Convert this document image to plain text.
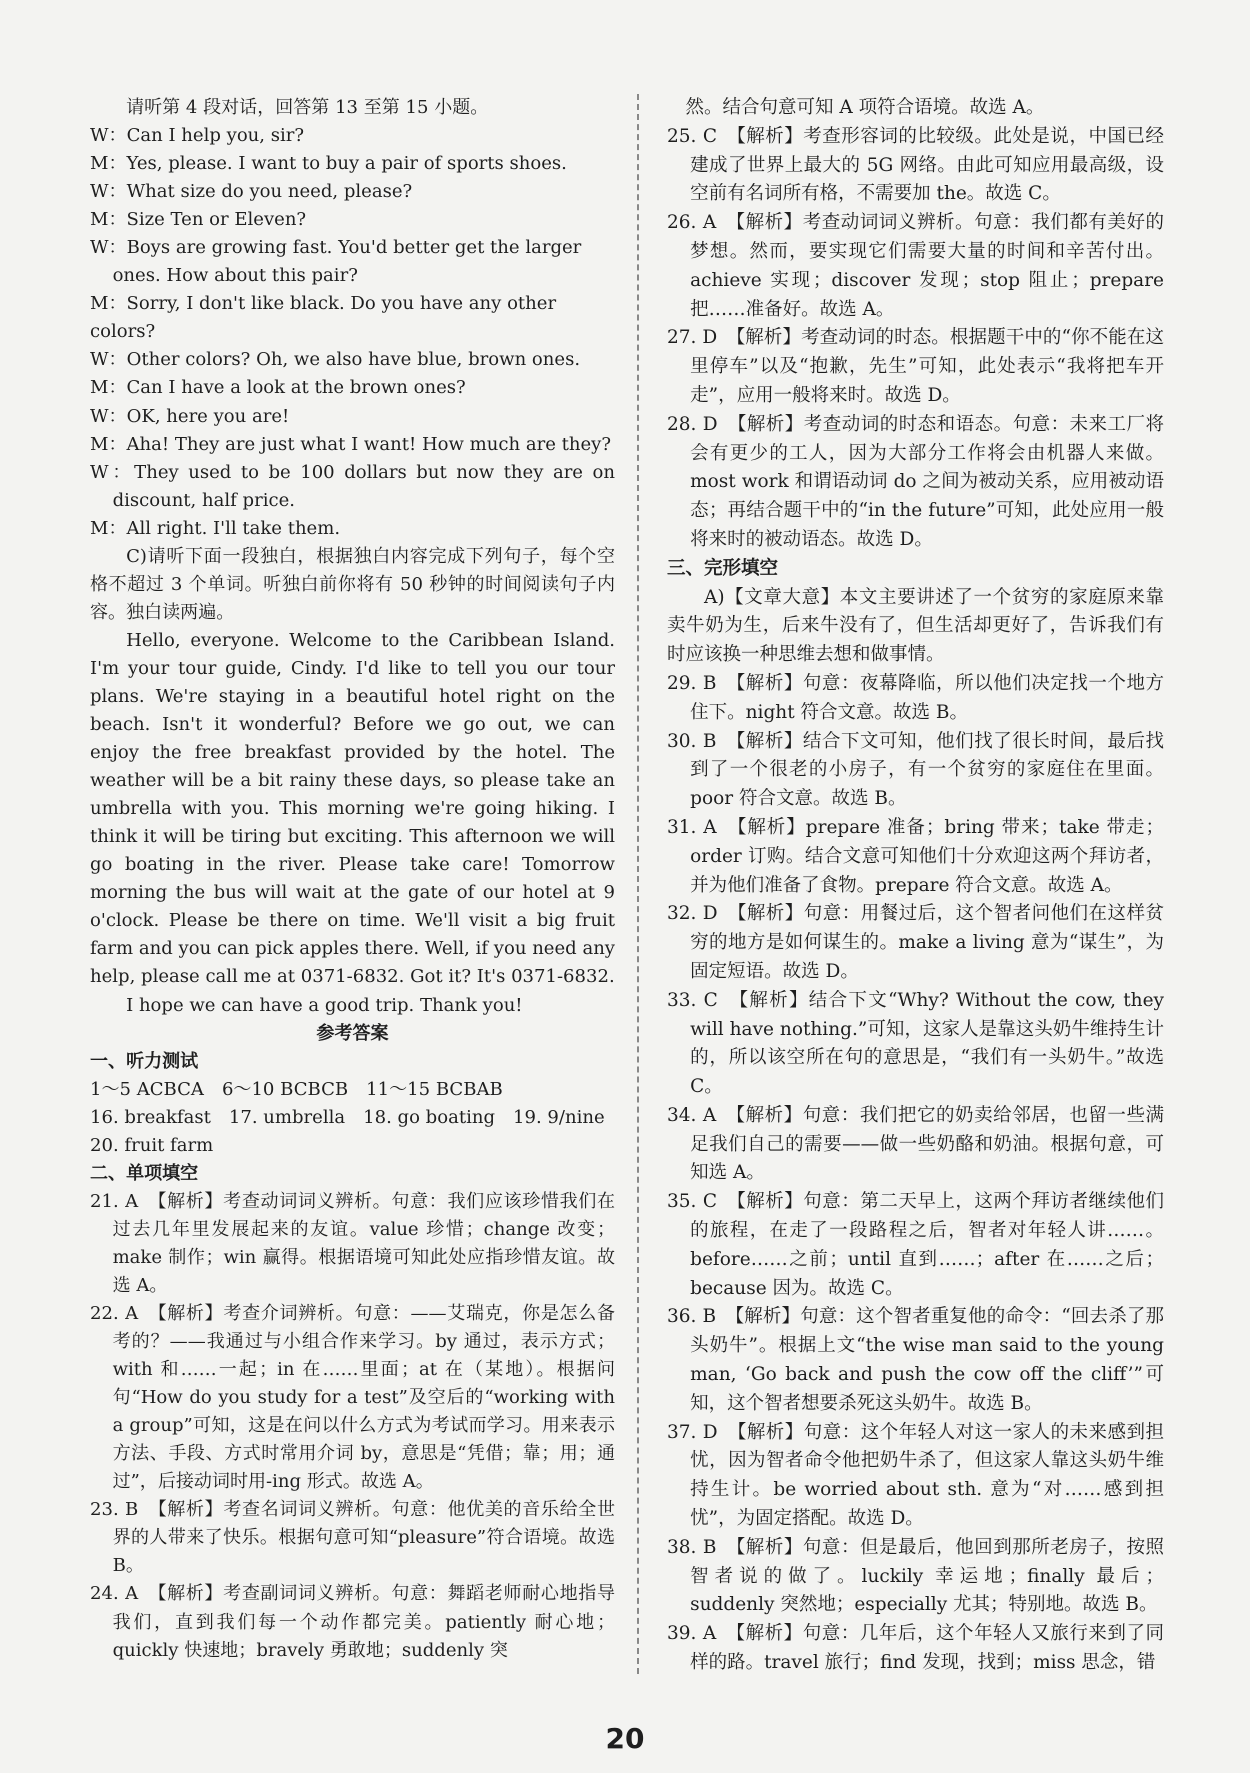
请听第 4 段对话，回答第 13 至第 15 小题。

W：Can I help you, sir?

M：Yes, please. I want to buy a pair of sports shoes.

W：What size do you need, please?

M：Size Ten or Eleven?

W：Boys are growing fast. You'd better get the larger ones. How about this pair?

M：Sorry, I don't like black. Do you have any other colors?

W：Other colors? Oh, we also have blue, brown ones.

M：Can I have a look at the brown ones?

W：OK, here you are!

M：Aha! They are just what I want! How much are they?

W：They used to be 100 dollars but now they are on discount, half price.

M：All right. I'll take them.

C)请听下面一段独白，根据独白内容完成下列句子，每个空格不超过 3 个单词。听独白前你将有 50 秒钟的时间阅读句子内容。独白读两遍。

Hello, everyone. Welcome to the Caribbean Island. I'm your tour guide, Cindy. I'd like to tell you our tour plans. We're staying in a beautiful hotel right on the beach. Isn't it wonderful? Before we go out, we can enjoy the free breakfast provided by the hotel. The weather will be a bit rainy these days, so please take an umbrella with you. This morning we're going hiking. I think it will be tiring but exciting. This afternoon we will go boating in the river. Please take care! Tomorrow morning the bus will wait at the gate of our hotel at 9 o'clock. Please be there on time. We'll visit a big fruit farm and you can pick apples there. Well, if you need any help, please call me at 0371-6832. Got it? It's 0371-6832.

I hope we can have a good trip. Thank you!

参考答案

一、听力测试

1～5 ACBCA　6～10 BCBCB　11～15 BCBAB

16. breakfast　17. umbrella　18. go boating　19. 9/nine

20. fruit farm

二、单项填空

21. A　【解析】考查动词词义辨析。句意：我们应该珍惜我们在过去几年里发展起来的友谊。value 珍惜；change 改变；make 制作；win 赢得。根据语境可知此处应指珍惜友谊。故选 A。

22. A　【解析】考查介词辨析。句意：——艾瑞克，你是怎么备考的？——我通过与小组合作来学习。by 通过，表示方式；with 和……一起；in 在……里面；at 在（某地）。根据问句“How do you study for a test”及空后的“working with a group”可知，这是在问以什么方式为考试而学习。用来表示方法、手段、方式时常用介词 by，意思是“凭借；靠；用；通过”，后接动词时用-ing 形式。故选 A。

23. B　【解析】考查名词词义辨析。句意：他优美的音乐给全世界的人带来了快乐。根据句意可知“pleasure”符合语境。故选 B。

24. A　【解析】考查副词词义辨析。句意：舞蹈老师耐心地指导我们，直到我们每一个动作都完美。patiently 耐心地；quickly 快速地；bravely 勇敢地；suddenly 突

　然。结合句意可知 A 项符合语境。故选 A。

25. C　【解析】考查形容词的比较级。此处是说，中国已经建成了世界上最大的 5G 网络。由此可知应用最高级，设空前有名词所有格，不需要加 the。故选 C。

26. A　【解析】考查动词词义辨析。句意：我们都有美好的梦想。然而，要实现它们需要大量的时间和辛苦付出。achieve 实现；discover 发现；stop 阻止；prepare 把……准备好。故选 A。

27. D　【解析】考查动词的时态。根据题干中的“你不能在这里停车”以及“抱歉，先生”可知，此处表示“我将把车开走”，应用一般将来时。故选 D。

28. D　【解析】考查动词的时态和语态。句意：未来工厂将会有更少的工人，因为大部分工作将会由机器人来做。most work 和谓语动词 do 之间为被动关系，应用被动语态；再结合题干中的“in the future”可知，此处应用一般将来时的被动语态。故选 D。

三、完形填空

A)【文章大意】本文主要讲述了一个贫穷的家庭原来靠卖牛奶为生，后来牛没有了，但生活却更好了，告诉我们有时应该换一种思维去想和做事情。

29. B　【解析】句意：夜幕降临，所以他们决定找一个地方住下。night 符合文意。故选 B。

30. B　【解析】结合下文可知，他们找了很长时间，最后找到了一个很老的小房子，有一个贫穷的家庭住在里面。poor 符合文意。故选 B。

31. A　【解析】prepare 准备；bring 带来；take 带走；order 订购。结合文意可知他们十分欢迎这两个拜访者，并为他们准备了食物。prepare 符合文意。故选 A。

32. D　【解析】句意：用餐过后，这个智者问他们在这样贫穷的地方是如何谋生的。make a living 意为“谋生”，为固定短语。故选 D。

33. C　【解析】结合下文“Why? Without the cow, they will have nothing.”可知，这家人是靠这头奶牛维持生计的，所以该空所在句的意思是，“我们有一头奶牛。”故选 C。

34. A　【解析】句意：我们把它的奶卖给邻居，也留一些满足我们自己的需要——做一些奶酪和奶油。根据句意，可知选 A。

35. C　【解析】句意：第二天早上，这两个拜访者继续他们的旅程，在走了一段路程之后，智者对年轻人讲……。before……之前；until 直到……；after 在……之后；because 因为。故选 C。

36. B　【解析】句意：这个智者重复他的命令：“回去杀了那头奶牛”。根据上文“the wise man said to the young man, ‘Go back and push the cow off the cliff’”可知，这个智者想要杀死这头奶牛。故选 B。

37. D　【解析】句意：这个年轻人对这一家人的未来感到担忧，因为智者命令他把奶牛杀了，但这家人靠这头奶牛维持生计。be worried about sth. 意为“对……感到担忧”，为固定搭配。故选 D。

38. B　【解析】句意：但是最后，他回到那所老房子，按照智者说的做了。luckily 幸运地；finally 最后；suddenly 突然地；especially 尤其；特别地。故选 B。

39. A　【解析】句意：几年后，这个年轻人又旅行来到了同样的路。travel 旅行；find 发现，找到；miss 思念，错

20
